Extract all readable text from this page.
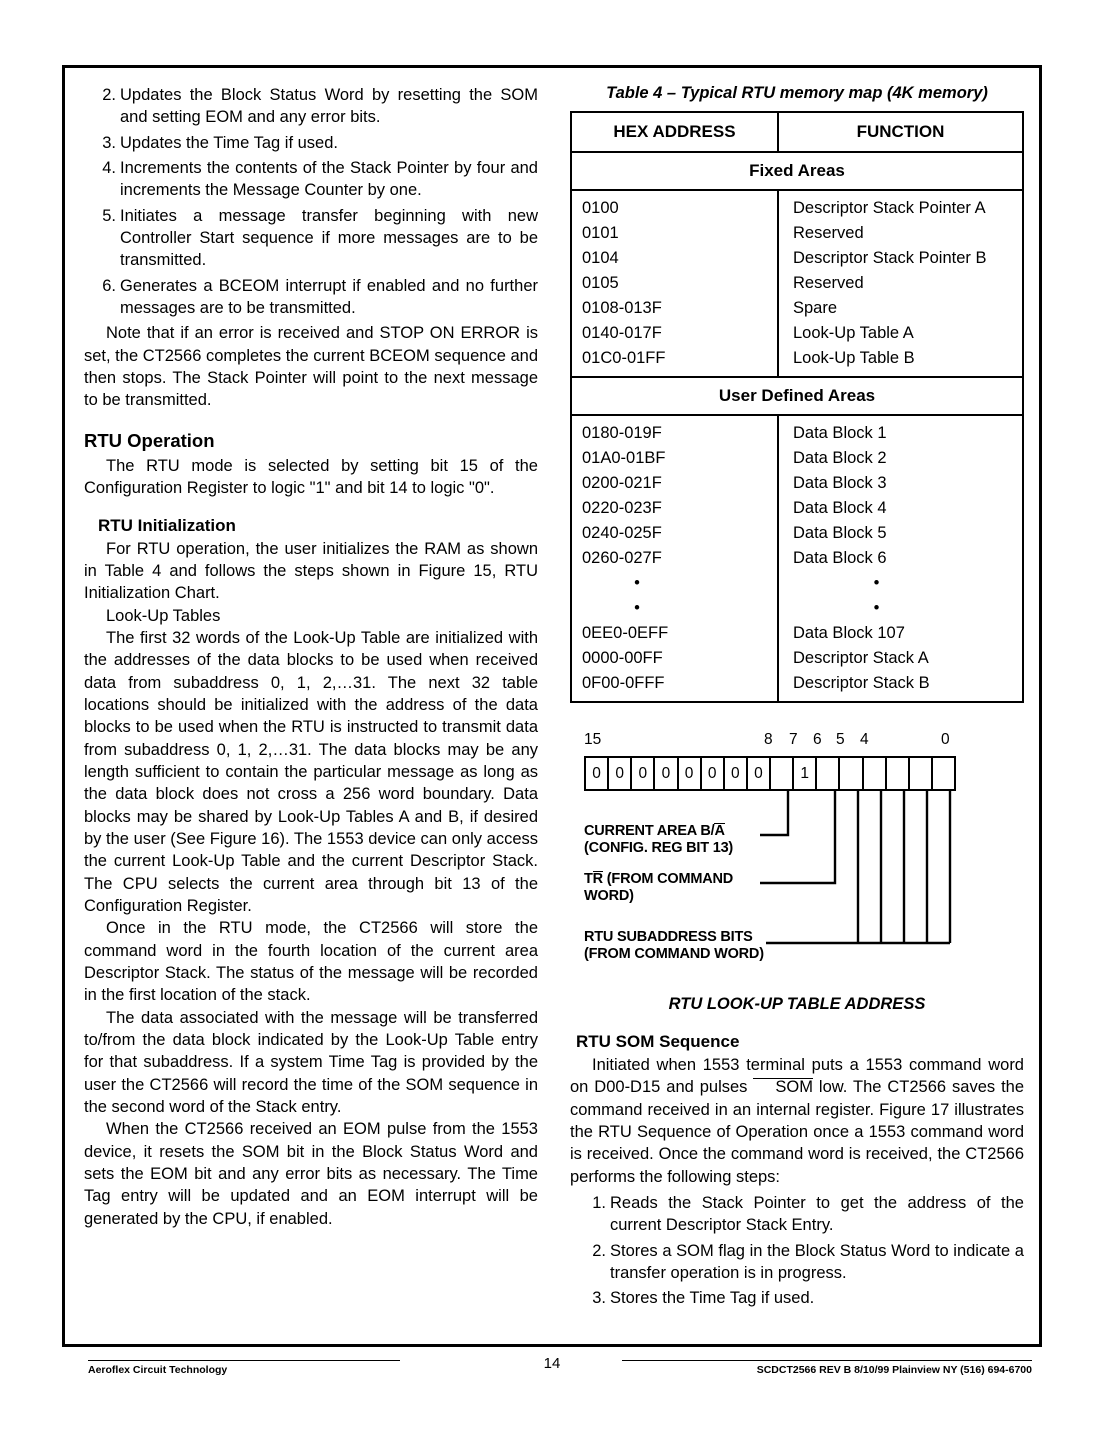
2. Updates the Block Status Word by resetting the SOM and setting EOM and any error bits.
3. Updates the Time Tag if used.
4. Increments the contents of the Stack Pointer by four and increments the Message Counter by one.
5. Initiates a message transfer beginning with new Controller Start sequence if more messages are to be transmitted.
6. Generates a BCEOM interrupt if enabled and no further messages are to be transmitted.

Note that if an error is received and STOP ON ERROR is set, the CT2566 completes the current BCEOM sequence and then stops. The Stack Pointer will point to the next message to be transmitted.

RTU Operation

The RTU mode is selected by setting bit 15 of the Configuration Register to logic "1" and bit 14 to logic "0".

RTU Initialization

For RTU operation, the user initializes the RAM as shown in Table 4 and follows the steps shown in Figure 15, RTU Initialization Chart.

Look-Up Tables

The first 32 words of the Look-Up Table are initialized with the addresses of the data blocks to be used when received data from subaddress 0, 1, 2,…31. The next 32 table locations should be initialized with the address of the data blocks to be used when the RTU is instructed to transmit data from subaddress 0, 1, 2,…31. The data blocks may be any length sufficient to contain the particular message as long as the data block does not cross a 256 word boundary. Data blocks may be shared by Look-Up Tables A and B, if desired by the user (See Figure 16). The 1553 device can only access the current Look-Up Table and the current Descriptor Stack. The CPU selects the current area through bit 13 of the Configuration Register.

Once in the RTU mode, the CT2566 will store the command word in the fourth location of the current area Descriptor Stack. The status of the message will be recorded in the first location of the stack.

The data associated with the message will be transferred to/from the data block indicated by the Look-Up Table entry for that subaddress. If a system Time Tag is provided by the user the CT2566 will record the time of the SOM sequence in the second word of the Stack entry.

When the CT2566 received an EOM pulse from the 1553 device, it resets the SOM bit in the Block Status Word and sets the EOM bit and any error bits as necessary. The Time Tag entry will be updated and an EOM interrupt will be generated by the CPU, if enabled.

Table 4 – Typical RTU memory map (4K memory)
HEX ADDRESS	FUNCTION
Fixed Areas	
0100	Descriptor Stack Pointer A
0101	Reserved
0104	Descriptor Stack Pointer B
0105	Reserved
0108-013F	Spare
0140-017F	Look-Up Table A
01C0-01FF	Look-Up Table B
User Defined Areas	
0180-019F	Data Block 1
01A0-01BF	Data Block 2
0200-021F	Data Block 3
0220-023F	Data Block 4
0240-025F	Data Block 5
0260-027F	Data Block 6
•	•
•	•
0EE0-0EFF	Data Block 107
0000-00FF	Descriptor Stack A
0F00-0FFF	Descriptor Stack B
15	8 7 6 5 4	0
0 0 0 0 0 0 0 0	1
CURRENT AREA B/A
(CONFIG. REG BIT 13)
TR (FROM COMMAND
WORD)
RTU SUBADDRESS BITS
(FROM COMMAND WORD)
RTU LOOK-UP TABLE ADDRESS
RTU SOM Sequence

Initiated when 1553 terminal puts a 1553 command word on D00-D15 and pulses SOM low. The CT2566 saves the command received in an internal register. Figure 17 illustrates the RTU Sequence of Operation once a 1553 command word is received. Once the command word is received, the CT2566 performs the following steps:

1. Reads the Stack Pointer to get the address of the current Descriptor Stack Entry.
2. Stores a SOM flag in the Block Status Word to indicate a transfer operation is in progress.
3. Stores the Time Tag if used.
Aeroflex Circuit Technology	14	SCDCT2566 REV B 8/10/99 Plainview NY (516) 694-6700
